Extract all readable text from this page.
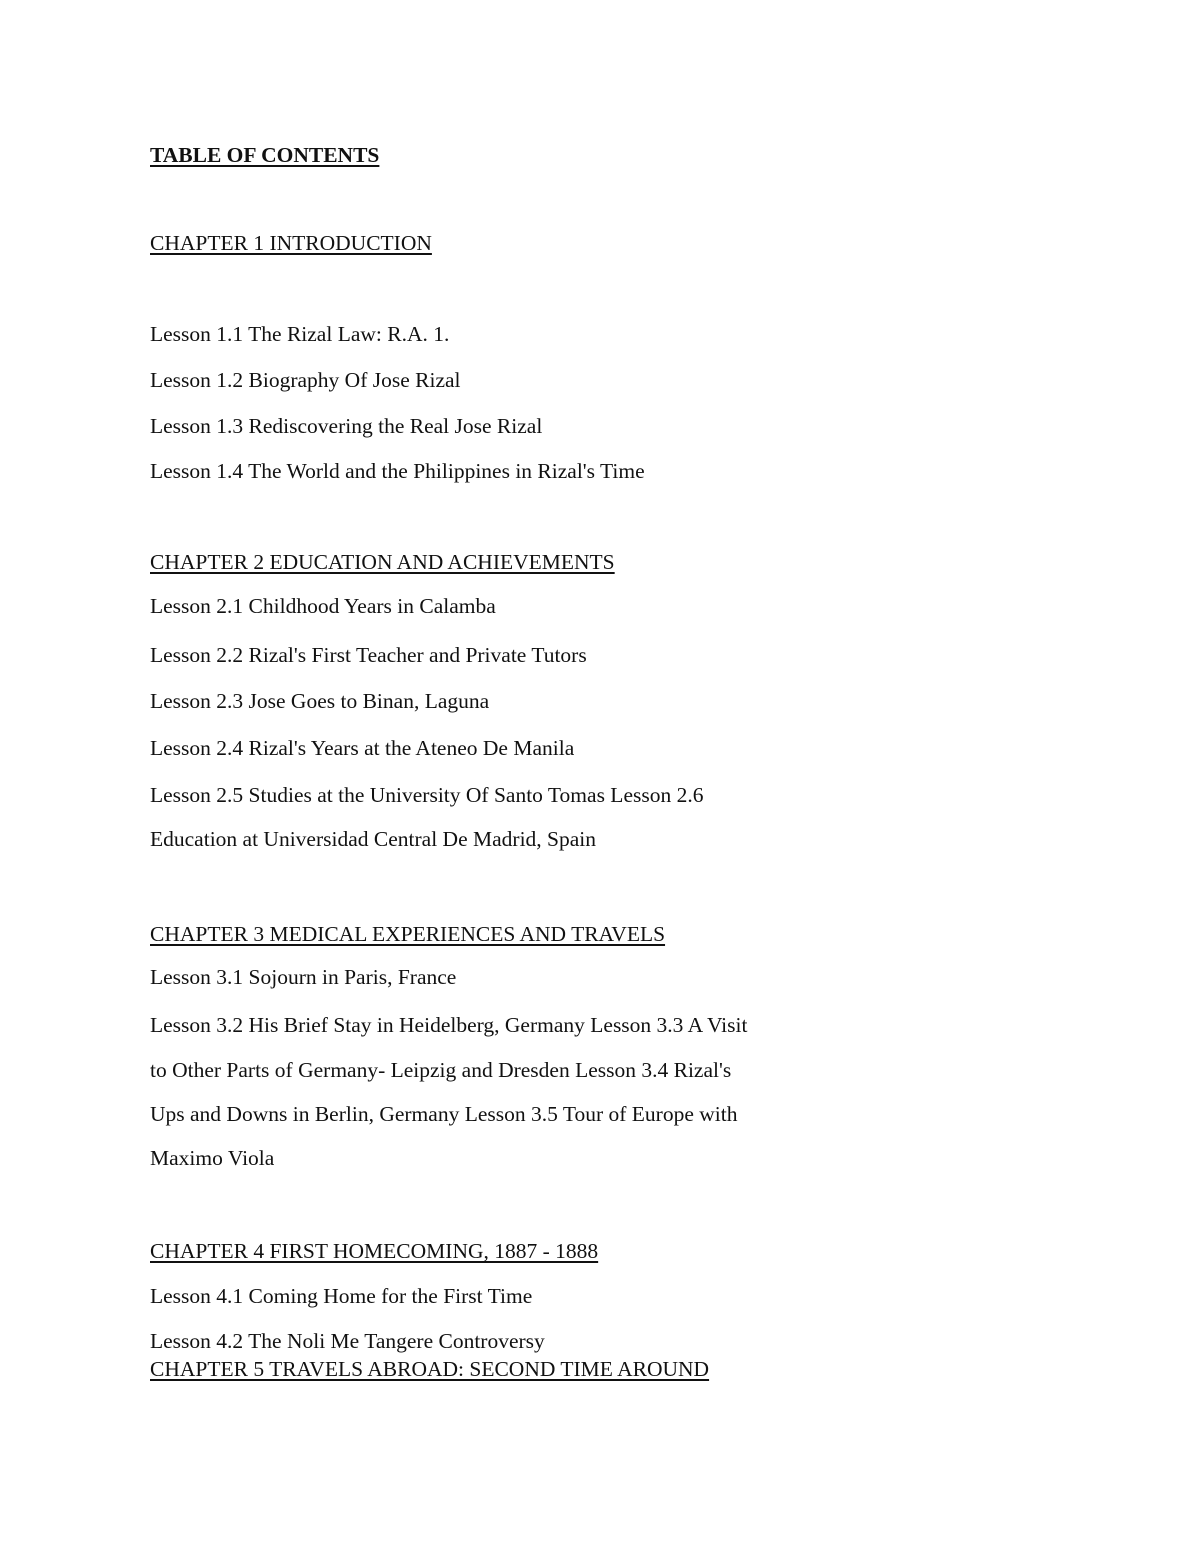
TABLE OF CONTENTS
CHAPTER 1 INTRODUCTION
Lesson 1.1 The Rizal Law: R.A. 1.
Lesson 1.2 Biography Of Jose Rizal
Lesson 1.3 Rediscovering the Real Jose Rizal
Lesson 1.4 The World and the Philippines in Rizal's Time
CHAPTER 2 EDUCATION AND ACHIEVEMENTS
Lesson 2.1 Childhood Years in Calamba
Lesson 2.2 Rizal's First Teacher and Private Tutors
Lesson 2.3 Jose Goes to Binan, Laguna
Lesson 2.4 Rizal's Years at the Ateneo De Manila
Lesson 2.5 Studies at the University Of Santo Tomas Lesson 2.6
Education at Universidad Central De Madrid, Spain
CHAPTER 3 MEDICAL EXPERIENCES AND TRAVELS
Lesson 3.1 Sojourn in Paris, France
Lesson 3.2 His Brief Stay in Heidelberg, Germany Lesson 3.3 A Visit
to Other Parts of Germany- Leipzig and Dresden Lesson 3.4 Rizal's
Ups and Downs in Berlin, Germany Lesson 3.5 Tour of Europe with
Maximo Viola
CHAPTER 4 FIRST HOMECOMING, 1887 - 1888
Lesson 4.1 Coming Home for the First Time
Lesson 4.2 The Noli Me Tangere Controversy
CHAPTER 5 TRAVELS ABROAD: SECOND TIME AROUND
